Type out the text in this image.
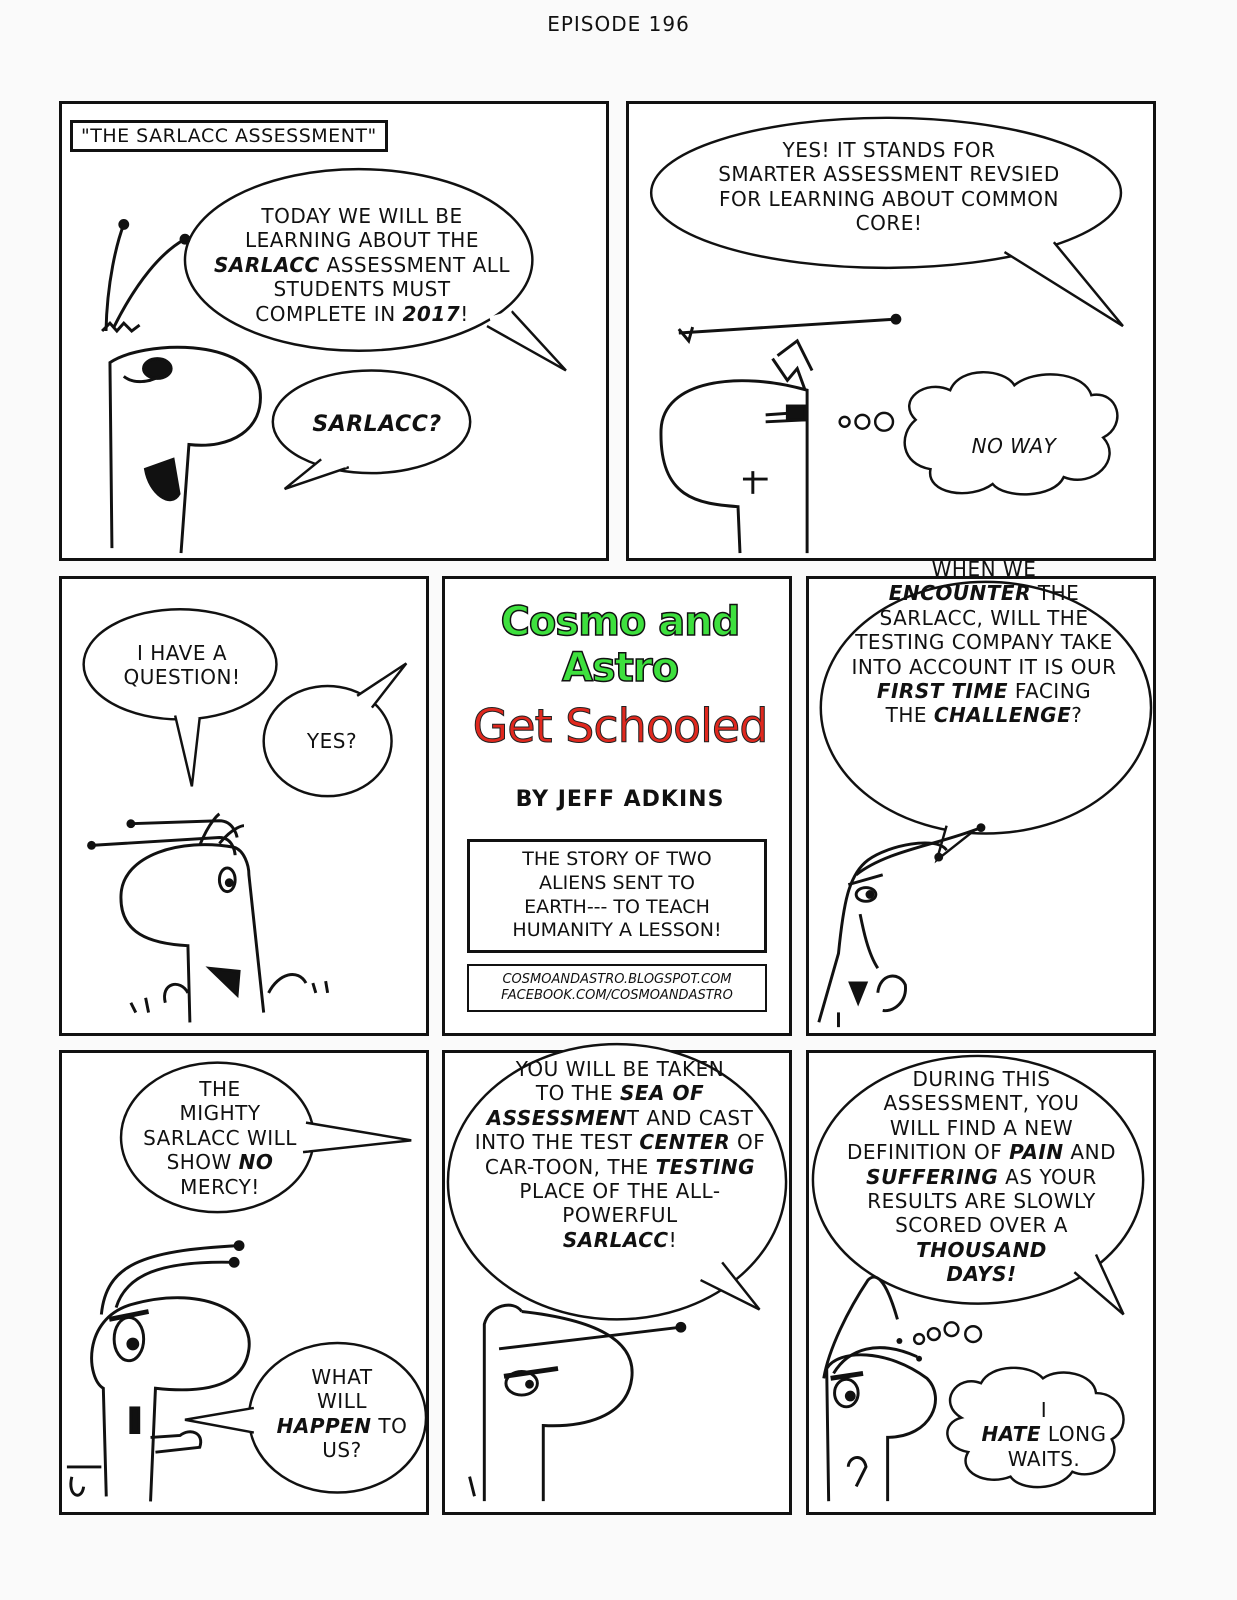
EPISODE 196
"THE SARLACC ASSESSMENT"
TODAY WE WILL BE
LEARNING ABOUT THE
SARLACC ASSESSMENT ALL
STUDENTS MUST
COMPLETE IN 2017!
SARLACC?
YES! IT STANDS FOR
SMARTER ASSESSMENT REVSIED
FOR LEARNING ABOUT COMMON
CORE!
NO WAY
I HAVE A
QUESTION!
YES?
Cosmo and Astro
Get Schooled
BY JEFF ADKINS
THE STORY OF TWO
ALIENS SENT TO
EARTH--- TO TEACH
HUMANITY A LESSON!
COSMOANDASTRO.BLOGSPOT.COM
FACEBOOK.COM/COSMOANDASTRO
WHEN WE
ENCOUNTER THE
SARLACC, WILL THE
TESTING COMPANY TAKE
INTO ACCOUNT IT IS OUR
FIRST TIME FACING
THE CHALLENGE?
THE
MIGHTY
SARLACC WILL
SHOW NO
MERCY!
WHAT
WILL
HAPPEN TO
US?
YOU WILL BE TAKEN
TO THE SEA OF
ASSESSMENT AND CAST
INTO THE TEST CENTER OF
CAR-TOON, THE TESTING
PLACE OF THE ALL-
POWERFUL
SARLACC!
DURING THIS
ASSESSMENT, YOU
WILL FIND A NEW
DEFINITION OF PAIN AND
SUFFERING AS YOUR
RESULTS ARE SLOWLY
SCORED OVER A
THOUSAND
DAYS!
I
HATE LONG
WAITS.
